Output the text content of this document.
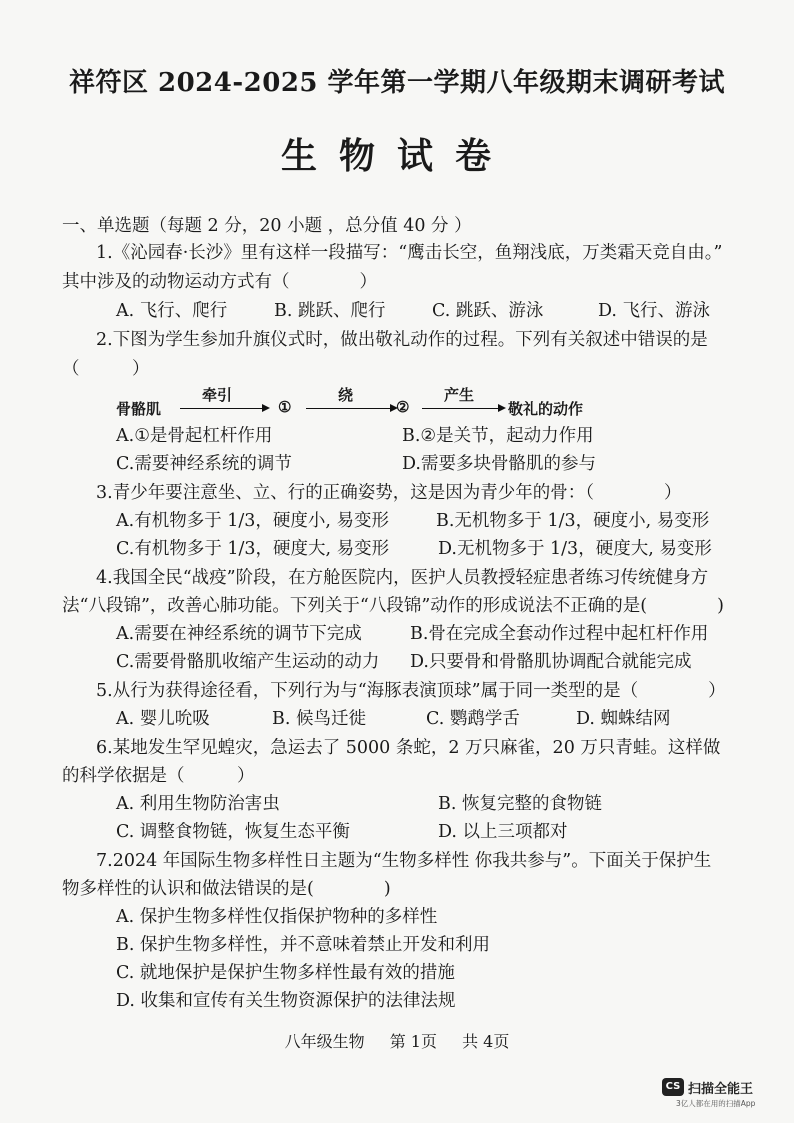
祥符区 2024-2025 学年第一学期八年级期末调研考试
生物试卷
一、单选题（每题 2 分，20 小题 ，总分值 40 分 ）
1.《沁园春·长沙》里有这样一段描写：“鹰击长空，鱼翔浅底，万类霜天竞自由。”
其中涉及的动物运动方式有（　　　　）
A. 飞行、爬行	B. 跳跃、爬行	C. 跳跃、游泳	D. 飞行、游泳
2.下图为学生参加升旗仪式时，做出敬礼动作的过程。下列有关叙述中错误的是
（　　　）
骨骼肌
牵引
①
绕
②
产生
敬礼的动作
A.①是骨起杠杆作用	B.②是关节，起动力作用
C.需要神经系统的调节	D.需要多块骨骼肌的参与
3.青少年要注意坐、立、行的正确姿势，这是因为青少年的骨：（　　　　）
A.有机物多于 1/3，硬度小, 易变形	B.无机物多于 1/3，硬度小, 易变形
C.有机物多于 1/3，硬度大, 易变形	D.无机物多于 1/3，硬度大, 易变形
4.我国全民“战疫”阶段，在方舱医院内，医护人员教授轻症患者练习传统健身方
法“八段锦”，改善心肺功能。下列关于“八段锦”动作的形成说法不正确的是(　　　　)
A.需要在神经系统的调节下完成	B.骨在完成全套动作过程中起杠杆作用
C.需要骨骼肌收缩产生运动的动力 D.只要骨和骨骼肌协调配合就能完成
5.从行为获得途径看，下列行为与“海豚表演顶球”属于同一类型的是（　　　　）
A. 婴儿吮吸	B. 候鸟迁徙	C. 鹦鹉学舌	D. 蜘蛛结网
6.某地发生罕见蝗灾，急运去了 5000 条蛇，2 万只麻雀，20 万只青蛙。这样做
的科学依据是（　　　）
A. 利用生物防治害虫	B. 恢复完整的食物链
C. 调整食物链，恢复生态平衡	D. 以上三项都对
7.2024 年国际生物多样性日主题为“生物多样性 你我共参与”。下面关于保护生
物多样性的认识和做法错误的是(　　　　)
A. 保护生物多样性仅指保护物种的多样性
B. 保护生物多样性，并不意味着禁止开发和利用
C. 就地保护是保护生物多样性最有效的措施
D. 收集和宣传有关生物资源保护的法律法规
八年级生物 第 1页 共 4页
CS 扫描全能王
3亿人都在用的扫描App
